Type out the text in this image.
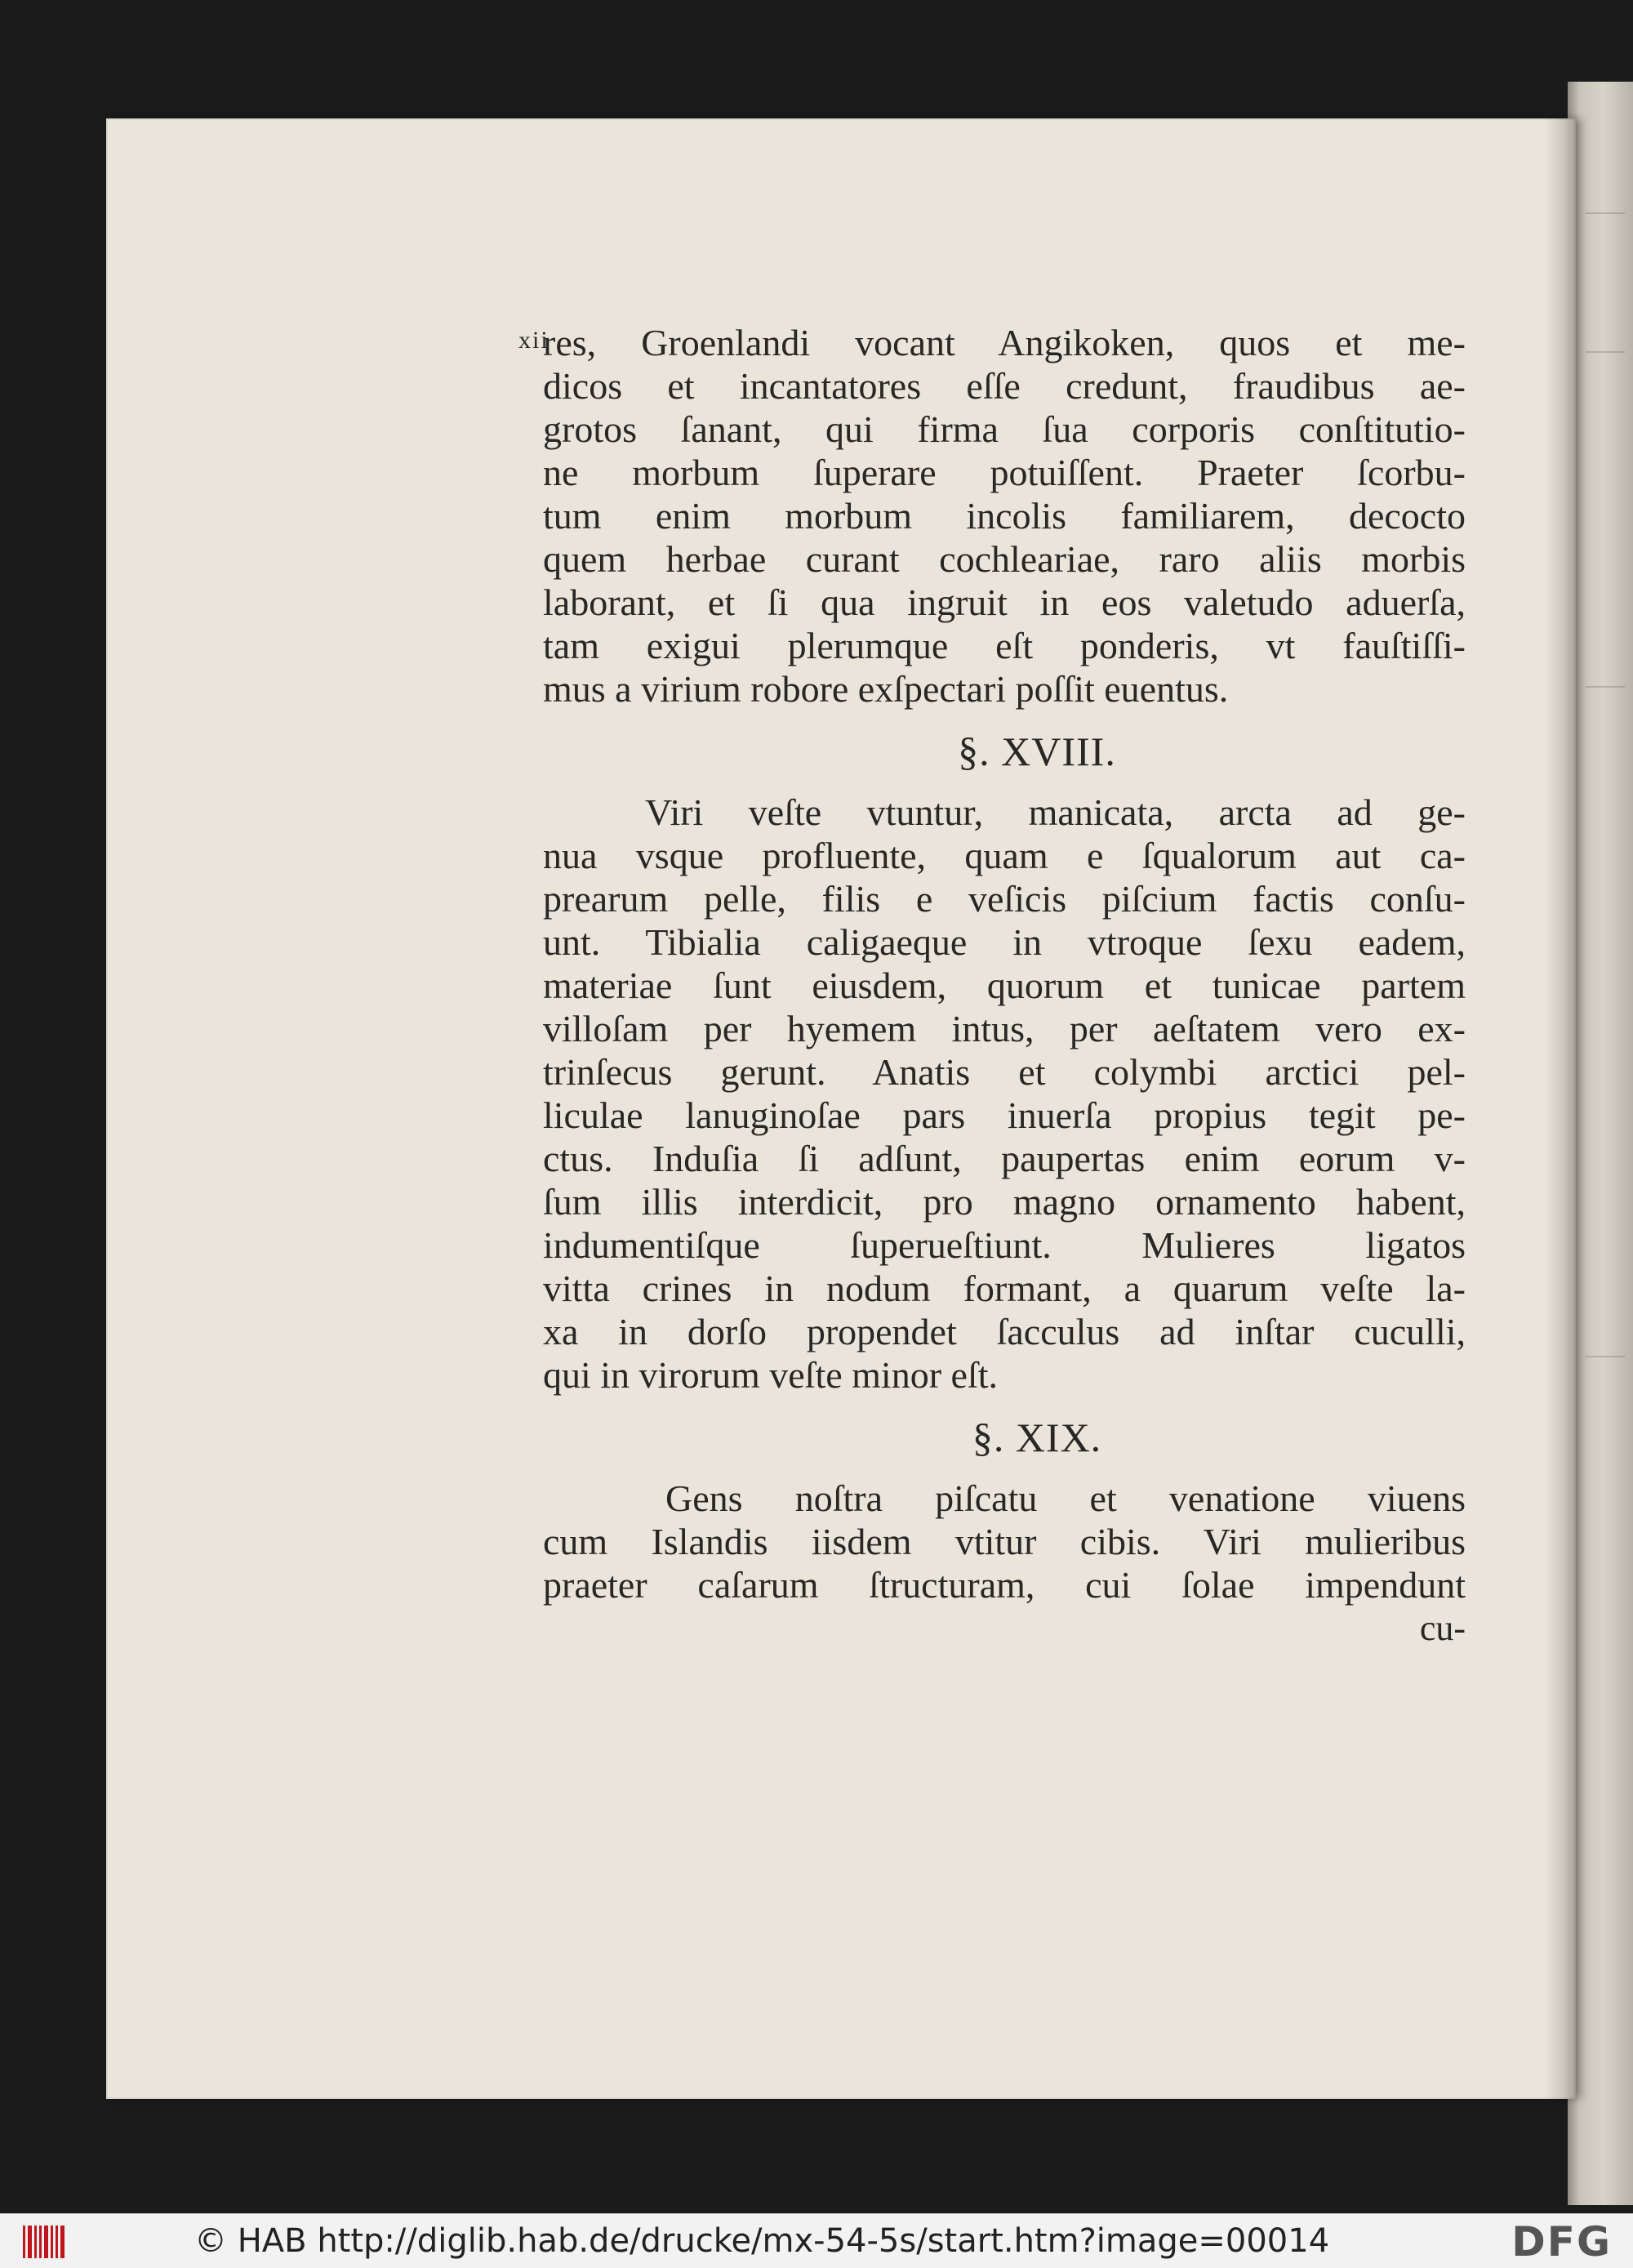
xii
res, Groenlandi vocant Angikoken, quos et me-
dicos et incantatores eſſe credunt, fraudibus ae-
grotos ſanant, qui firma ſua corporis conſtitutio-
ne morbum ſuperare potuiſſent. Praeter ſcorbu-
tum enim morbum incolis familiarem, decocto
quem herbae curant cochleariae, raro aliis morbis
laborant, et ſi qua ingruit in eos valetudo aduerſa,
tam exigui plerumque eſt ponderis, vt fauſtiſſi-
mus a virium robore exſpectari poſſit euentus.
§. XVIII.
Viri veſte vtuntur, manicata, arcta ad ge-
nua vsque profluente, quam e ſqualorum aut ca-
prearum pelle, filis e veſicis piſcium factis conſu-
unt. Tibialia caligaeque in vtroque ſexu eadem,
materiae ſunt eiusdem, quorum et tunicae partem
villoſam per hyemem intus, per aeſtatem vero ex-
trinſecus gerunt. Anatis et colymbi arctici pel-
liculae lanuginoſae pars inuerſa propius tegit pe-
ctus. Induſia ſi adſunt, paupertas enim eorum v-
ſum illis interdicit, pro magno ornamento habent,
indumentiſque ſuperueſtiunt. Mulieres ligatos
vitta crines in nodum formant, a quarum veſte la-
xa in dorſo propendet ſacculus ad inſtar cuculli,
qui in virorum veſte minor eſt.
§. XIX.
Gens noſtra piſcatu et venatione viuens
cum Islandis iisdem vtitur cibis. Viri mulieribus
praeter caſarum ſtructuram, cui ſolae impendunt
cu-
© HAB http://diglib.hab.de/drucke/mx-54-5s/start.htm?image=00014	DFG
